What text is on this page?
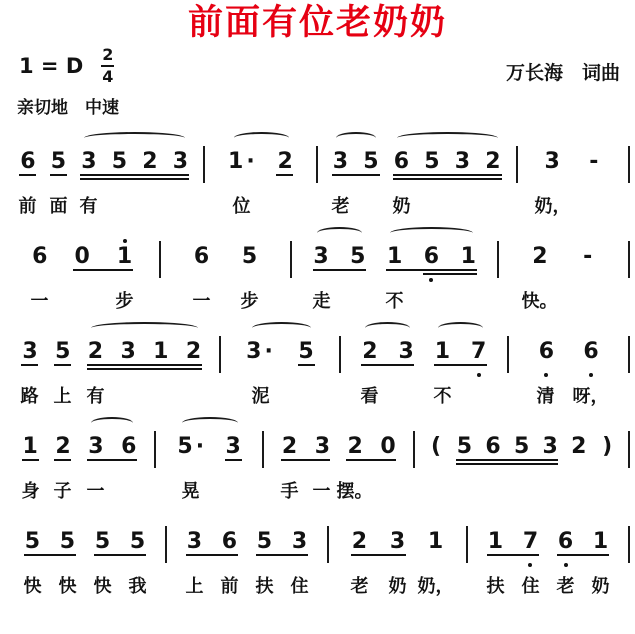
前面有位老奶奶
1 = D $\frac{2}{4}$	万长海　词曲
亲切地　中速
6 5 3 5 2 3 1 · 2 3 5 6 5 3 2 3 -
前 面 有	位	老 奶	奶，
6 0 1	6 5	3 5 1 6 1	2 -
一	步	一 步	走	不	快。
3 5 2 3 1 2 3 · 5 2 3 1 7 6 6
路 上 有	泥	看	不	清 呀，
1 2 3 6 5 · 3 2 3 2 0 ( 5 6 5 3 2 )
身 子 一	晃	手 一 摆。
5 5 5 5 3 6 5 3 2 3 1 1 7 6 1
快 快 快 我 上 前 扶 住 老 奶 奶， 扶 住 老 奶
